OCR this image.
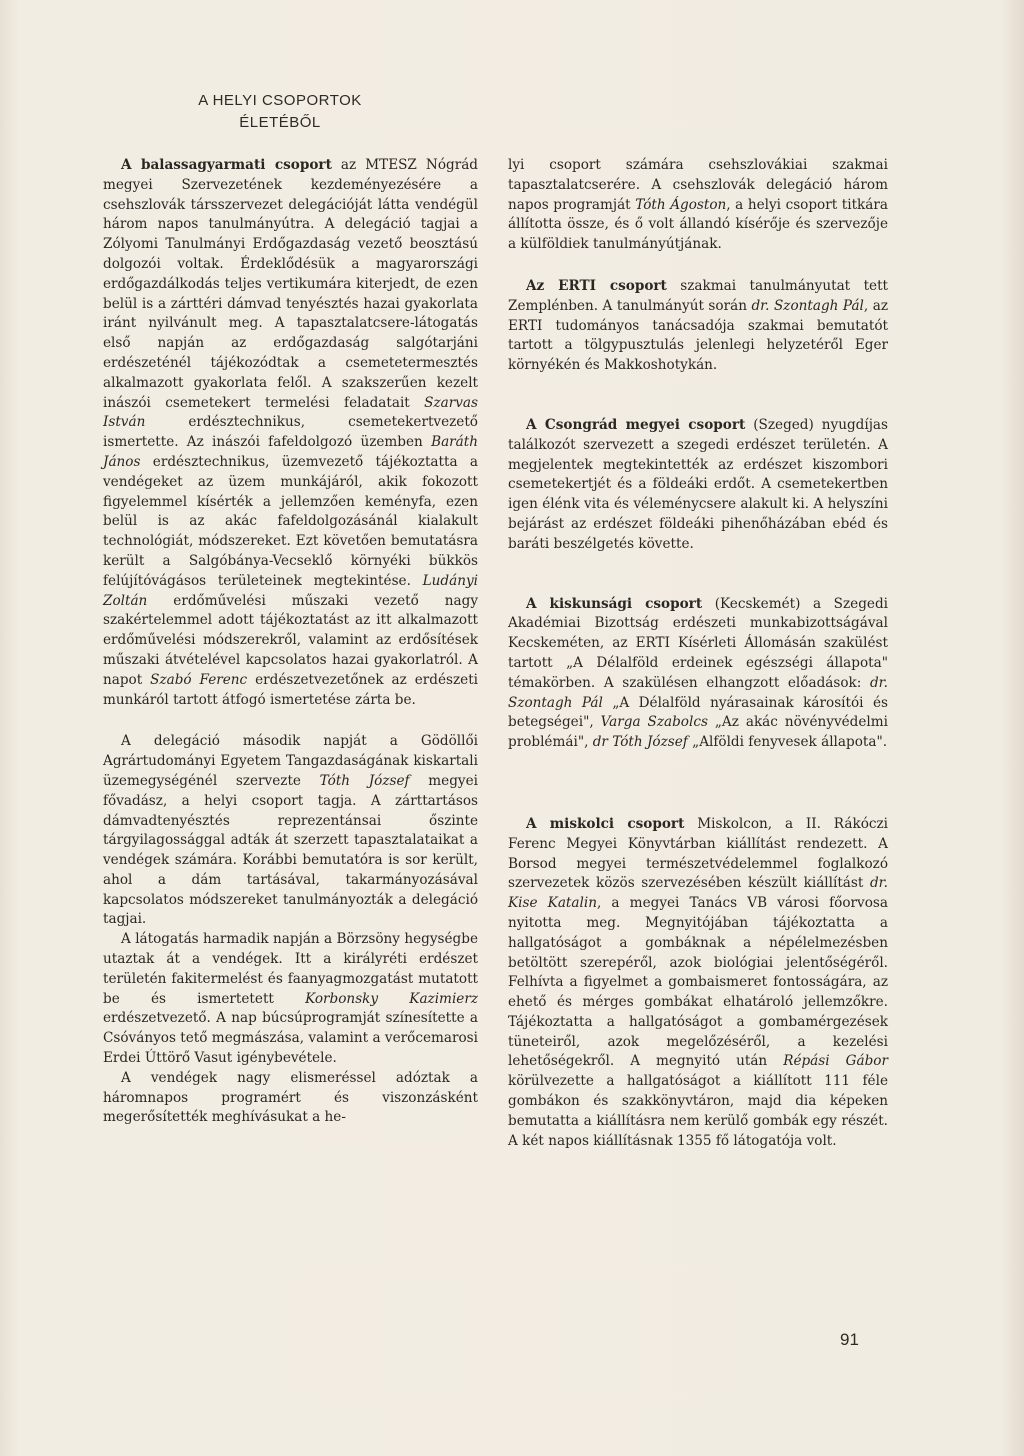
A HELYI CSOPORTOK
ÉLETÉBŐL

A balassagyarmati csoport az MTESZ Nógrád megyei Szervezetének kezdeményezésére a csehszlovák társszervezet delegációját látta vendégül három napos tanulmányútra. A delegáció tagjai a Zólyomi Tanulmányi Erdőgazdaság vezető beosztású dolgozói voltak. Érdeklődésük a magyarországi erdőgazdálkodás teljes vertikumára kiterjedt, de ezen belül is a zárttéri dámvad tenyésztés hazai gyakorlata iránt nyilvánult meg. A tapasztalatcsere-látogatás első napján az erdőgazdaság salgótarjáni erdészeténél tájékozódtak a csemetetermesztés alkalmazott gyakorlata felől. A szakszerűen kezelt inászói csemetekert termelési feladatait Szarvas István erdésztechnikus, csemetekertvezető ismertette. Az inászói fafeldolgozó üzemben Baráth János erdésztechnikus, üzemvezető tájékoztatta a vendégeket az üzem munkájáról, akik fokozott figyelemmel kísérték a jellemzően keményfa, ezen belül is az akác fafeldolgozásánál kialakult technológiát, módszereket. Ezt követően bemutatásra került a Salgóbánya-Vecseklő környéki bükkös felújítóvágásos területeinek megtekintése. Ludányi Zoltán erdőművelési műszaki vezető nagy szakértelemmel adott tájékoztatást az itt alkalmazott erdőművelési módszerekről, valamint az erdősítések műszaki átvételével kapcsolatos hazai gyakorlatról. A napot Szabó Ferenc erdészetvezetőnek az erdészeti munkáról tartott átfogó ismertetése zárta be.

A delegáció második napját a Gödöllői Agrártudományi Egyetem Tangazdaságának kiskartali üzemegységénél szervezte Tóth József megyei fővadász, a helyi csoport tagja. A zárttartásos dámvadtenyésztés reprezentánsai őszinte tárgyilagossággal adták át szerzett tapasztalataikat a vendégek számára. Korábbi bemutatóra is sor került, ahol a dám tartásával, takarmányozásával kapcsolatos módszereket tanulmányozták a delegáció tagjai.

A látogatás harmadik napján a Börzsöny hegységbe utaztak át a vendégek. Itt a királyréti erdészet területén fakitermelést és faanyagmozgatást mutatott be és ismertetett Korbonsky Kazimierz erdészetvezető. A nap búcsúprogramját színesítette a Csóványos tető megmászása, valamint a verőcemarosi Erdei Úttörő Vasut igénybevétele.

A vendégek nagy elismeréssel adóztak a háromnapos programért és viszonzásként megerősítették meghívásukat a he-

lyi csoport számára csehszlovákiai szakmai tapasztalatcserére. A csehszlovák delegáció három napos programját Tóth Ágoston, a helyi csoport titkára állította össze, és ő volt állandó kísérője és szervezője a külföldiek tanulmányútjának.

Az ERTI csoport szakmai tanulmányutat tett Zemplénben. A tanulmányút során dr. Szontagh Pál, az ERTI tudományos tanácsadója szakmai bemutatót tartott a tölgypusztulás jelenlegi helyzetéről Eger környékén és Makkoshotykán.

A Csongrád megyei csoport (Szeged) nyugdíjas találkozót szervezett a szegedi erdészet területén. A megjelentek megtekintették az erdészet kiszombori csemetekertjét és a földeáki erdőt. A csemetekertben igen élénk vita és véleménycsere alakult ki. A helyszíni bejárást az erdészet földeáki pihenőházában ebéd és baráti beszélgetés követte.

A kiskunsági csoport (Kecskemét) a Szegedi Akadémiai Bizottság erdészeti munkabizottságával Kecskeméten, az ERTI Kísérleti Állomásán szakülést tartott „A Délalföld erdeinek egészségi állapota" témakörben. A szakülésen elhangzott előadások: dr. Szontagh Pál „A Délalföld nyárasainak károsítói és betegségei", Varga Szabolcs „Az akác növényvédelmi problémái", dr Tóth József „Alföldi fenyvesek állapota".

A miskolci csoport Miskolcon, a II. Rákóczi Ferenc Megyei Könyvtárban kiállítást rendezett. A Borsod megyei természetvédelemmel foglalkozó szervezetek közös szervezésében készült kiállítást dr. Kise Katalin, a megyei Tanács VB városi főorvosa nyitotta meg. Megnyitójában tájékoztatta a hallgatóságot a gombáknak a népélelmezésben betöltött szerepéről, azok biológiai jelentőségéről. Felhívta a figyelmet a gombaismeret fontosságára, az ehető és mérges gombákat elhatároló jellemzőkre. Tájékoztatta a hallgatóságot a gombamérgezések tüneteiről, azok megelőzéséről, a kezelési lehetőségekről. A megnyitó után Répási Gábor körülvezette a hallgatóságot a kiállított 111 féle gombákon és szakkönyvtáron, majd dia képeken bemutatta a kiállításra nem kerülő gombák egy részét. A két napos kiállításnak 1355 fő látogatója volt.

91
